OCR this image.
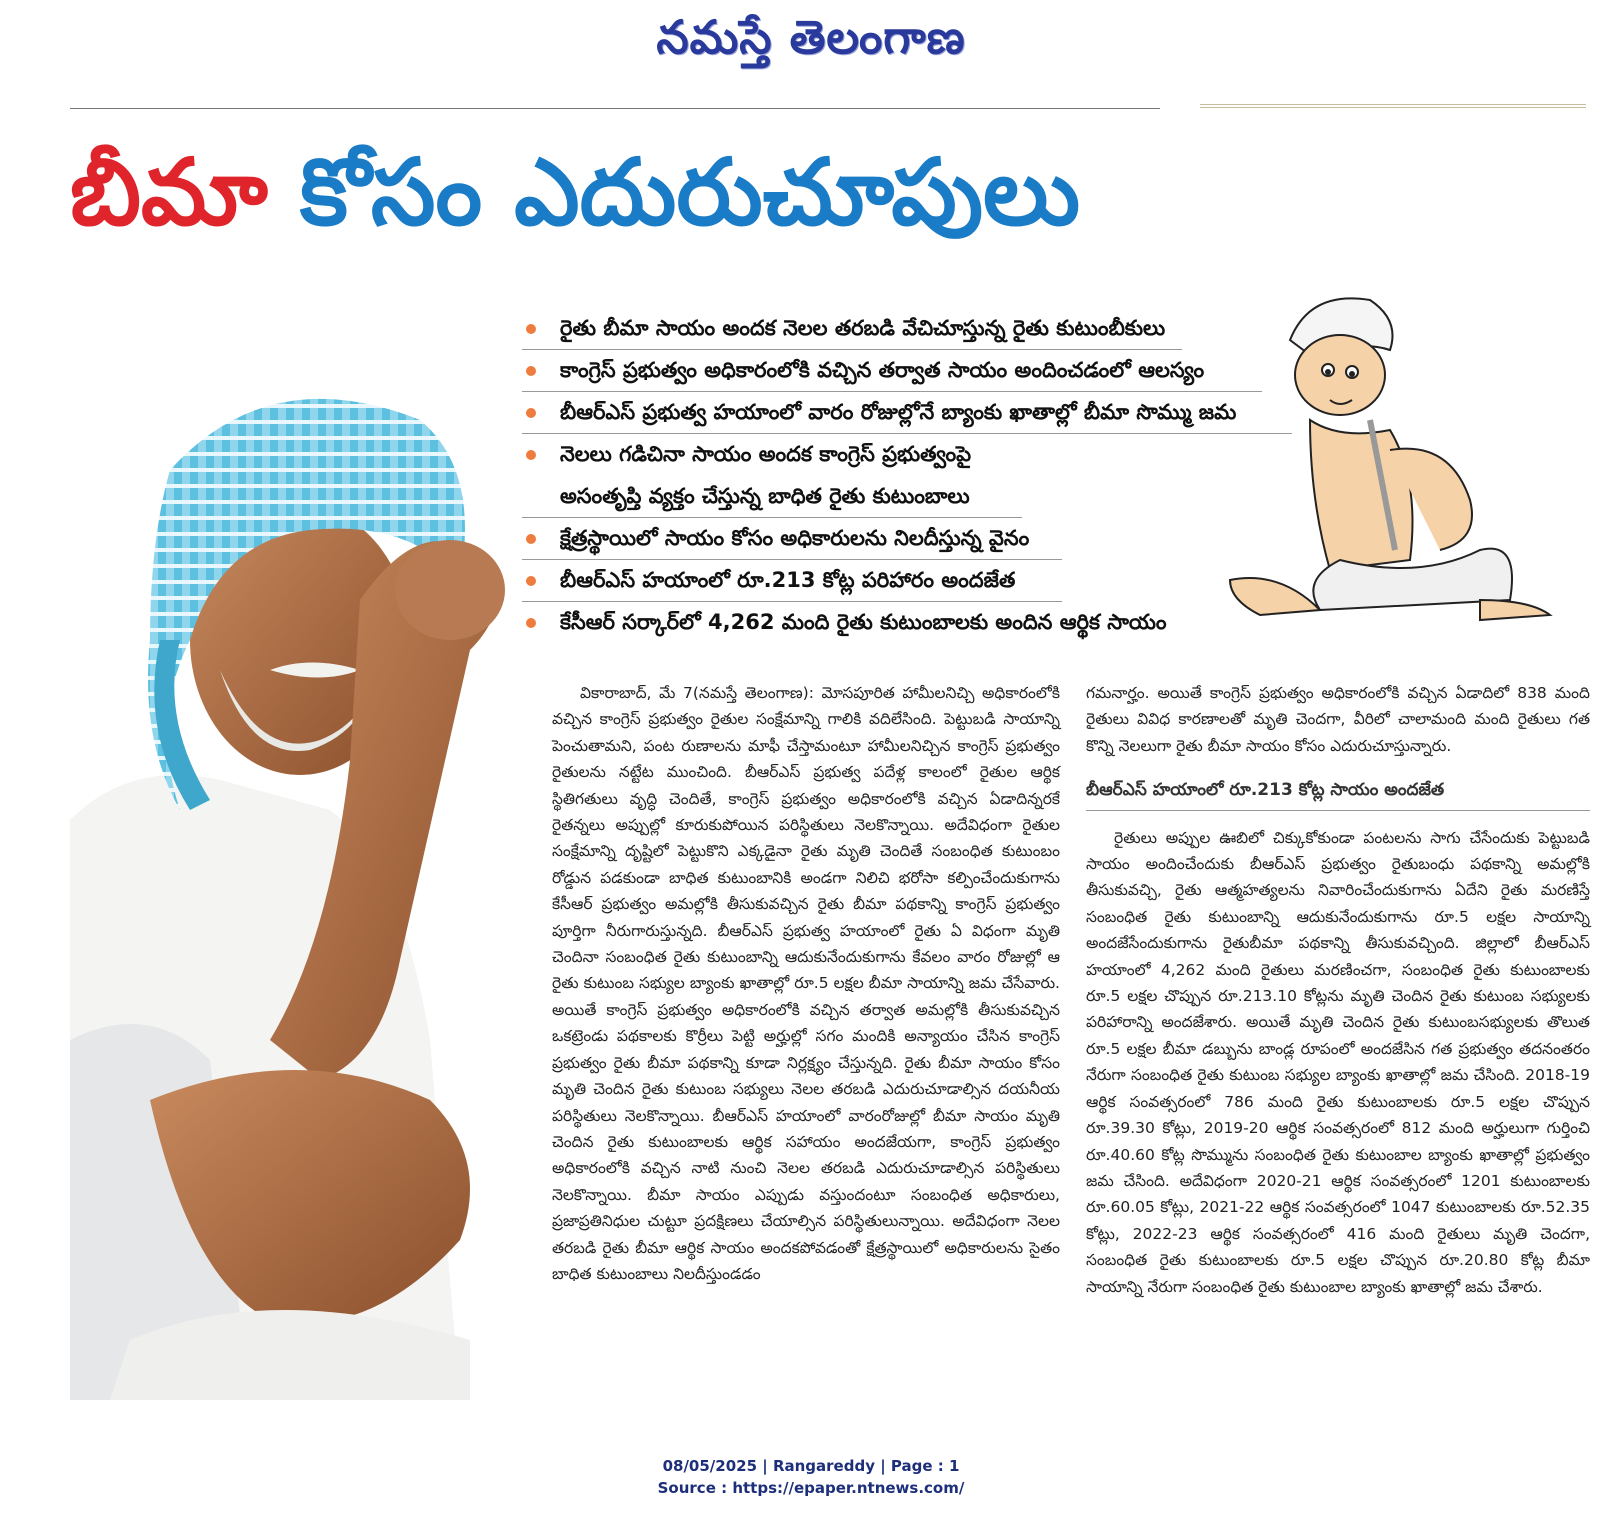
నమస్తే తెలంగాణ
బీమా కోసం ఎదురుచూపులు
రైతు బీమా సాయం అందక నెలల తరబడి వేచిచూస్తున్న రైతు కుటుంబీకులు
కాంగ్రెస్ ప్రభుత్వం అధికారంలోకి వచ్చిన తర్వాత సాయం అందించడంలో ఆలస్యం
బీఆర్ఎస్ ప్రభుత్వ హయాంలో వారం రోజుల్లోనే బ్యాంకు ఖాతాల్లో బీమా సొమ్ము జమ
నెలలు గడిచినా సాయం అందక కాంగ్రెస్ ప్రభుత్వంపై
అసంతృప్తి వ్యక్తం చేస్తున్న బాధిత రైతు కుటుంబాలు
క్షేత్రస్థాయిలో సాయం కోసం అధికారులను నిలదీస్తున్న వైనం
బీఆర్ఎస్ హయాంలో రూ.213 కోట్ల పరిహారం అందజేత
కేసీఆర్ సర్కార్‌లో 4,262 మంది రైతు కుటుంబాలకు అందిన ఆర్థిక సాయం

వికారాబాద్, మే 7(నమస్తే తెలంగాణ): మోసపూరిత హామీలనిచ్చి అధికారంలోకి వచ్చిన కాంగ్రెస్ ప్రభుత్వం రైతుల సంక్షేమాన్ని గాలికి వదిలేసింది. పెట్టుబడి సాయాన్ని పెంచుతామని, పంట రుణాలను మాఫీ చేస్తామంటూ హామీలనిచ్చిన కాంగ్రెస్ ప్రభుత్వం రైతులను నట్టేట ముంచింది. బీఆర్ఎస్ ప్రభుత్వ పదేళ్ల కాలంలో రైతుల ఆర్థిక స్థితిగతులు వృద్ధి చెందితే, కాంగ్రెస్ ప్రభుత్వం అధికారంలోకి వచ్చిన ఏడాదిన్నరకే రైతన్నలు అప్పుల్లో కూరుకుపోయిన పరిస్థితులు నెలకొన్నాయి. అదేవిధంగా రైతుల సంక్షేమాన్ని దృష్టిలో పెట్టుకొని ఎక్కడైనా రైతు మృతి చెందితే సంబంధిత కుటుంబం రోడ్డున పడకుండా బాధిత కుటుంబానికి అండగా నిలిచి భరోసా కల్పించేందుకుగాను కేసీఆర్ ప్రభుత్వం అమల్లోకి తీసుకువచ్చిన రైతు బీమా పథకాన్ని కాంగ్రెస్ ప్రభుత్వం పూర్తిగా నీరుగారుస్తున్నది. బీఆర్ఎస్ ప్రభుత్వ హయాంలో రైతు ఏ విధంగా మృతి చెందినా సంబంధిత రైతు కుటుంబాన్ని ఆదుకునేందుకుగాను కేవలం వారం రోజుల్లో ఆ రైతు కుటుంబ సభ్యుల బ్యాంకు ఖాతాల్లో రూ.5 లక్షల బీమా సాయాన్ని జమ చేసేవారు. అయితే కాంగ్రెస్ ప్రభుత్వం అధికారంలోకి వచ్చిన తర్వాత అమల్లోకి తీసుకువచ్చిన ఒకట్రెండు పథకాలకు కొర్రీలు పెట్టి అర్హుల్లో సగం మందికి అన్యాయం చేసిన కాంగ్రెస్ ప్రభుత్వం రైతు బీమా పథకాన్ని కూడా నిర్లక్ష్యం చేస్తున్నది. రైతు బీమా సాయం కోసం మృతి చెందిన రైతు కుటుంబ సభ్యులు నెలల తరబడి ఎదురుచూడాల్సిన దయనీయ పరిస్థితులు నెలకొన్నాయి. బీఆర్ఎస్ హయాంలో వారంరోజుల్లో బీమా సాయం మృతి చెందిన రైతు కుటుంబాలకు ఆర్థిక సహాయం అందజేయగా, కాంగ్రెస్ ప్రభుత్వం అధికారంలోకి వచ్చిన నాటి నుంచి నెలల తరబడి ఎదురుచూడాల్సిన పరిస్థితులు నెలకొన్నాయి. బీమా సాయం ఎప్పుడు వస్తుందంటూ సంబంధిత అధికారులు, ప్రజాప్రతినిధుల చుట్టూ ప్రదక్షిణలు చేయాల్సిన పరిస్థితులున్నాయి. అదేవిధంగా నెలల తరబడి రైతు బీమా ఆర్థిక సాయం అందకపోవడంతో క్షేత్రస్థాయిలో అధికారులను సైతం బాధిత కుటుంబాలు నిలదీస్తుండడం

గమనార్హం. అయితే కాంగ్రెస్ ప్రభుత్వం అధికారంలోకి వచ్చిన ఏడాదిలో 838 మంది రైతులు వివిధ కారణాలతో మృతి చెందగా, వీరిలో చాలామంది మంది రైతులు గత కొన్ని నెలలుగా రైతు బీమా సాయం కోసం ఎదురుచూస్తున్నారు.

బీఆర్ఎస్ హయాంలో రూ.213 కోట్ల సాయం అందజేత

రైతులు అప్పుల ఊబిలో చిక్కుకోకుండా పంటలను సాగు చేసేందుకు పెట్టుబడి సాయం అందించేందుకు బీఆర్ఎస్ ప్రభుత్వం రైతుబంధు పథకాన్ని అమల్లోకి తీసుకువచ్చి, రైతు ఆత్మహత్యలను నివారించేందుకుగాను ఏదేని రైతు మరణిస్తే సంబంధిత రైతు కుటుంబాన్ని ఆదుకునేందుకుగాను రూ.5 లక్షల సాయాన్ని అందజేసేందుకుగాను రైతుబీమా పథకాన్ని తీసుకువచ్చింది. జిల్లాలో బీఆర్ఎస్ హయాంలో 4,262 మంది రైతులు మరణించగా, సంబంధిత రైతు కుటుంబాలకు రూ.5 లక్షల చొప్పున రూ.213.10 కోట్లను మృతి చెందిన రైతు కుటుంబ సభ్యులకు పరిహారాన్ని అందజేశారు. అయితే మృతి చెందిన రైతు కుటుంబసభ్యులకు తొలుత రూ.5 లక్షల బీమా డబ్బును బాండ్ల రూపంలో అందజేసిన గత ప్రభుత్వం తదనంతరం నేరుగా సంబంధిత రైతు కుటుంబ సభ్యుల బ్యాంకు ఖాతాల్లో జమ చేసింది. 2018-19 ఆర్థిక సంవత్సరంలో 786 మంది రైతు కుటుంబాలకు రూ.5 లక్షల చొప్పున రూ.39.30 కోట్లు, 2019-20 ఆర్థిక సంవత్సరంలో 812 మంది అర్హులుగా గుర్తించి రూ.40.60 కోట్ల సొమ్మును సంబంధిత రైతు కుటుంబాల బ్యాంకు ఖాతాల్లో ప్రభుత్వం జమ చేసింది. అదేవిధంగా 2020-21 ఆర్థిక సంవత్సరంలో 1201 కుటుంబాలకు రూ.60.05 కోట్లు, 2021-22 ఆర్థిక సంవత్సరంలో 1047 కుటుంబాలకు రూ.52.35 కోట్లు, 2022-23 ఆర్థిక సంవత్సరంలో 416 మంది రైతులు మృతి చెందగా, సంబంధిత రైతు కుటుంబాలకు రూ.5 లక్షల చొప్పున రూ.20.80 కోట్ల బీమా సాయాన్ని నేరుగా సంబంధిత రైతు కుటుంబాల బ్యాంకు ఖాతాల్లో జమ చేశారు.

08/05/2025 | Rangareddy | Page : 1
Source : https://epaper.ntnews.com/
